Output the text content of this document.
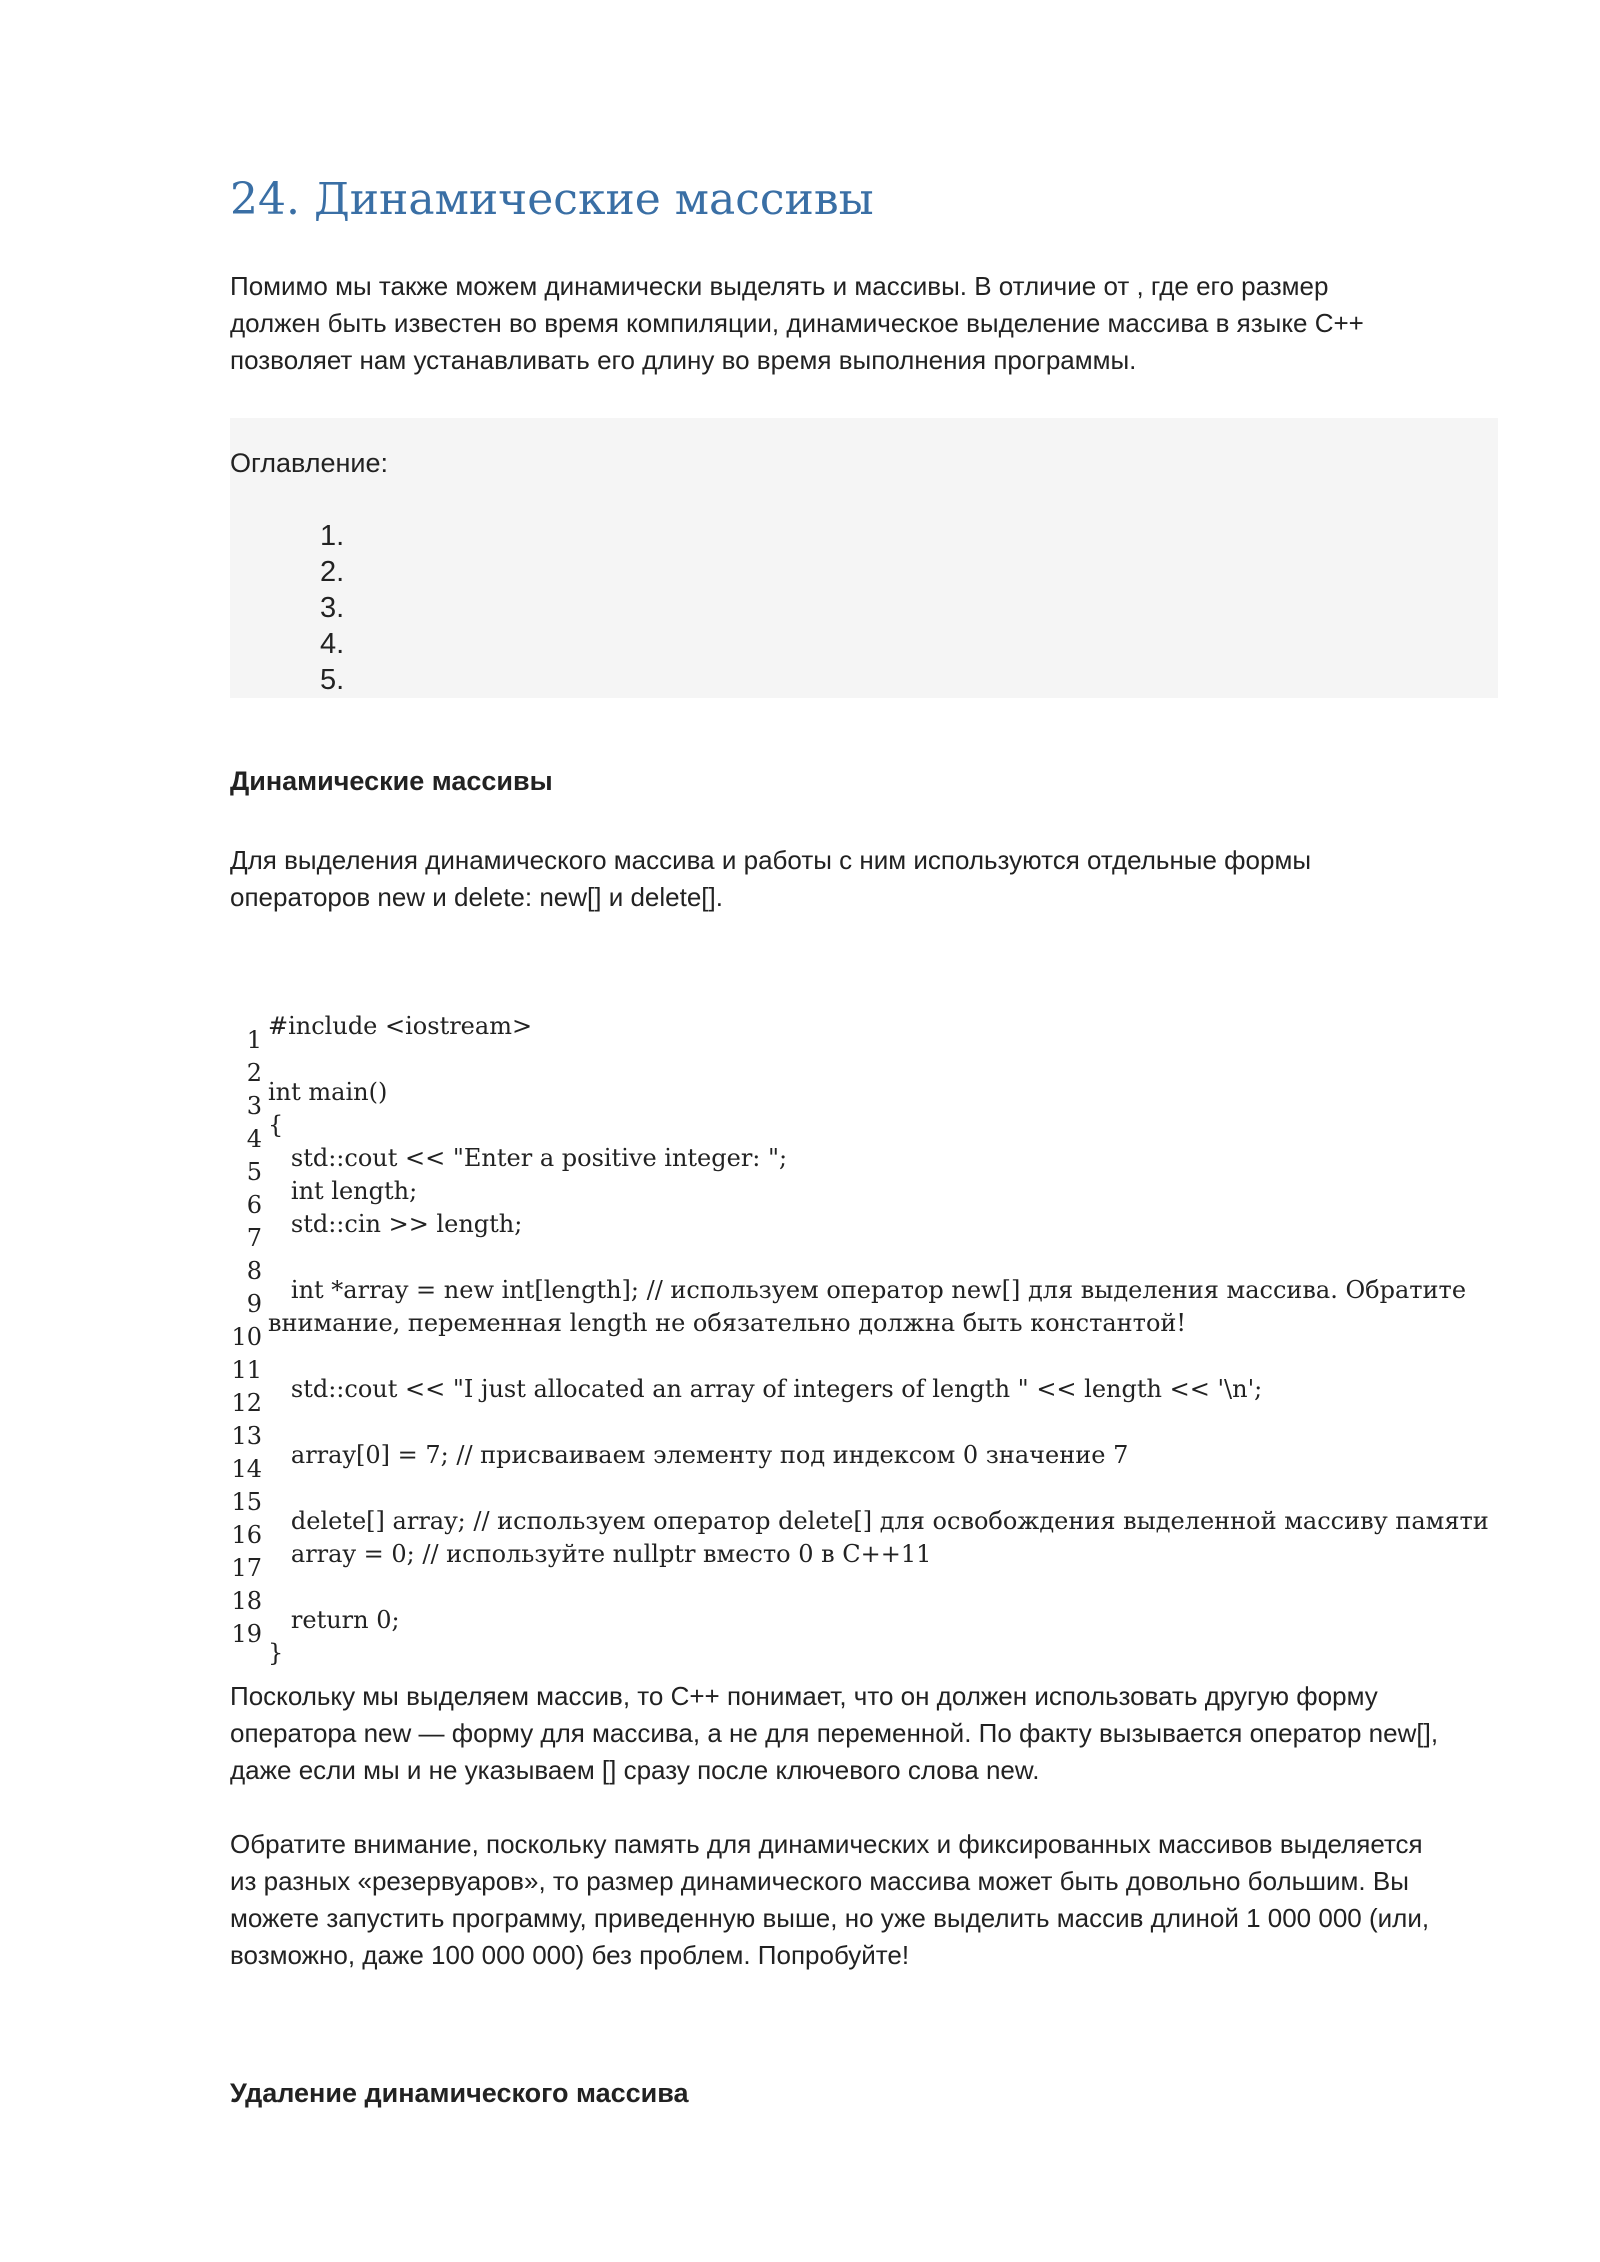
24. Динамические массивы
Помимо мы также можем динамически выделять и массивы. В отличие от , где его размер
должен быть известен во время компиляции, динамическое выделение массива в языке C++
позволяет нам устанавливать его длину во время выполнения программы.
Оглавление:
1.
2.
3.
4.
5.
Динамические массивы
Для выделения динамического массива и работы с ним используются отдельные формы
операторов new и delete: new[] и delete[].
1
2
3
4
5
6
7
8
9
10
11
12
13
14
15
16
17
18
19
#include <iostream>
int main()
{
std::cout << "Enter a positive integer: ";
int length;
std::cin >> length;
int *array = new int[length]; // используем оператор new[] для выделения массива. Обратите
внимание, переменная length не обязательно должна быть константой!
std::cout << "I just allocated an array of integers of length " << length << '\n';
array[0] = 7; // присваиваем элементу под индексом 0 значение 7
delete[] array; // используем оператор delete[] для освобождения выделенной массиву памяти
array = 0; // используйте nullptr вместо 0 в C++11
return 0;
}
Поскольку мы выделяем массив, то C++ понимает, что он должен использовать другую форму
оператора new — форму для массива, а не для переменной. По факту вызывается оператор new[],
даже если мы и не указываем [] сразу после ключевого слова new.
Обратите внимание, поскольку память для динамических и фиксированных массивов выделяется
из разных «резервуаров», то размер динамического массива может быть довольно большим. Вы
можете запустить программу, приведенную выше, но уже выделить массив длиной 1 000 000 (или,
возможно, даже 100 000 000) без проблем. Попробуйте!
Удаление динамического массива
